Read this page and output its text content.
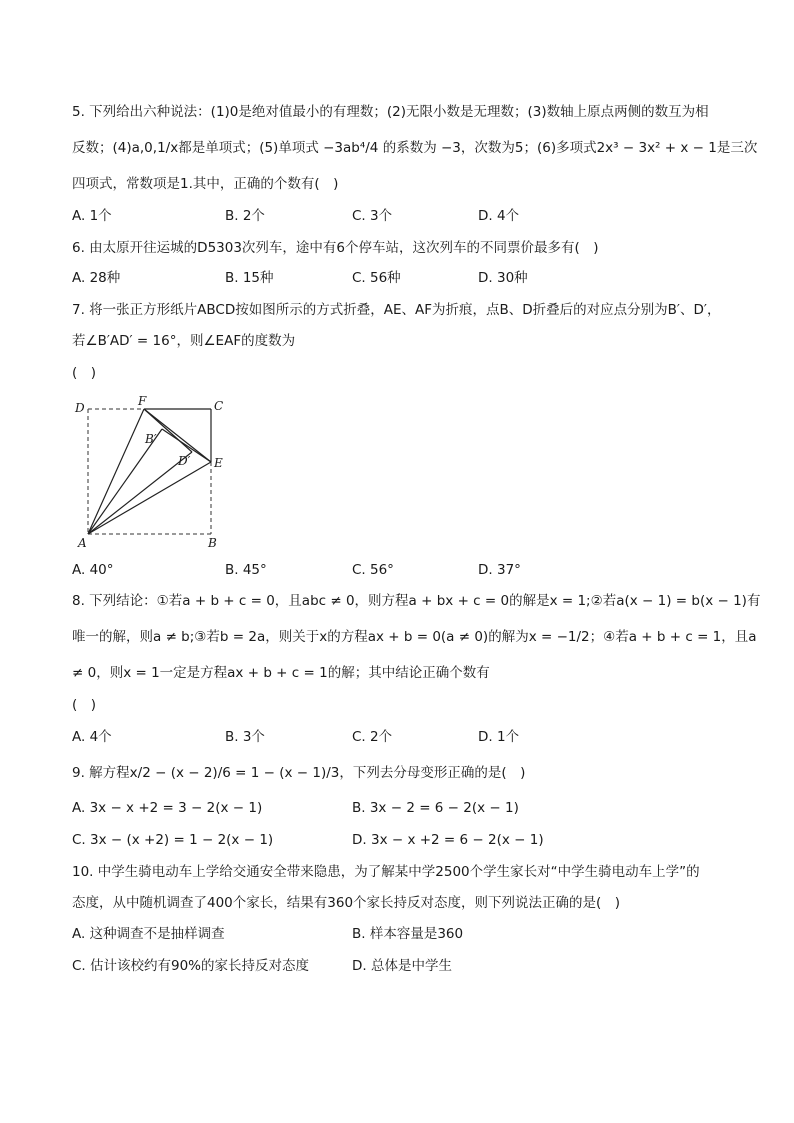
5. 下列给出六种说法：(1)0是绝对值最小的有理数；(2)无限小数是无理数；(3)数轴上原点两侧的数互为相
反数；(4)a,0,1/x都是单项式；(5)单项式 −3ab⁴/4 的系数为 −3，次数为5；(6)多项式2x³ − 3x² + x − 1是三次
四项式，常数项是1.其中，正确的个数有(　)
A. 1个	B. 2个	C. 3个	D. 4个
6. 由太原开往运城的D5303次列车，途中有6个停车站，这次列车的不同票价最多有(　)
A. 28种	B. 15种	C. 56种	D. 30种
7. 将一张正方形纸片ABCD按如图所示的方式折叠，AE、AF为折痕，点B、D折叠后的对应点分别为B′、D′，
若∠B′AD′ = 16°，则∠EAF的度数为
(　)
D	F	C
B′
D′ E
A	B
A. 40°	B. 45°	C. 56°	D. 37°
8. 下列结论：①若a + b + c = 0，且abc ≠ 0，则方程a + bx + c = 0的解是x = 1;②若a(x − 1) = b(x − 1)有
唯一的解，则a ≠ b;③若b = 2a，则关于x的方程ax + b = 0(a ≠ 0)的解为x = −1/2；④若a + b + c = 1，且a
≠ 0，则x = 1一定是方程ax + b + c = 1的解；其中结论正确个数有
(　)
A. 4个	B. 3个	C. 2个	D. 1个
9. 解方程x/2 − (x − 2)/6 = 1 − (x − 1)/3，下列去分母变形正确的是(　)
A. 3x − x +2 = 3 − 2(x − 1)	B. 3x − 2 = 6 − 2(x − 1)
C. 3x − (x +2) = 1 − 2(x − 1)	D. 3x − x +2 = 6 − 2(x − 1)
10. 中学生骑电动车上学给交通安全带来隐患，为了解某中学2500个学生家长对“中学生骑电动车上学”的
态度，从中随机调查了400个家长，结果有360个家长持反对态度，则下列说法正确的是(　)
A. 这种调查不是抽样调查	B. 样本容量是360
C. 估计该校约有90%的家长持反对态度	D. 总体是中学生
